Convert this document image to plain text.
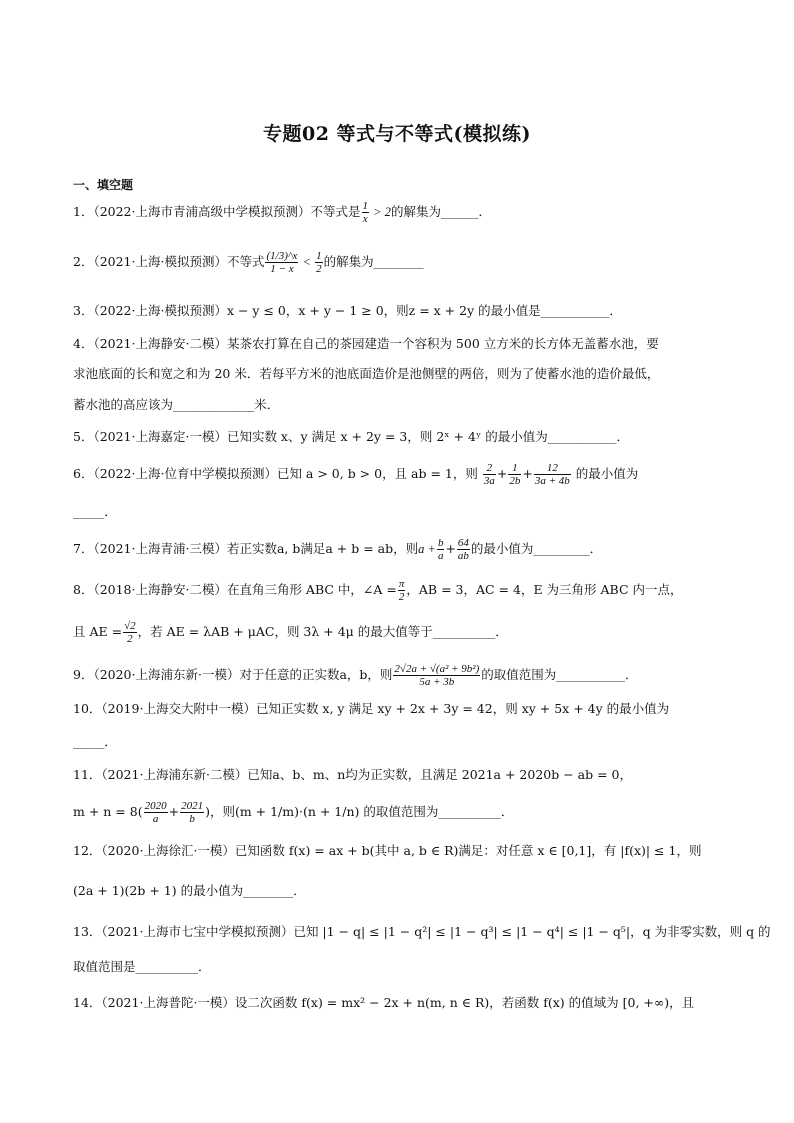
专题02 等式与不等式(模拟练)
一、填空题
1．（2022·上海市青浦高级中学模拟预测）不等式是 $\frac{1}{x} > 2$的解集为______．
2．（2021·上海·模拟预测）不等式 $\frac{(1/3)\^{}x}{1 - x} < \frac{1}{2}$ 的解集为________
3．（2022·上海·模拟预测）x − y ≤ 0，x + y − 1 ≥ 0，则z = x + 2y 的最小值是___________．
4．（2021·上海静安·二模）某茶农打算在自己的茶园建造一个容积为 500 立方米的长方体无盖蓄水池，要
求池底面的长和宽之和为 20 米．若每平方米的池底面造价是池侧壁的两倍，则为了使蓄水池的造价最低，
蓄水池的高应该为_____________米．
5．（2021·上海嘉定·一模）已知实数 x、y 满足 x + 2y = 3，则 2ˣ + 4ʸ 的最小值为___________．
6．（2022·上海·位育中学模拟预测）已知 a > 0, b > 0，且 ab = 1，则 $\frac{2}{3a} + \frac{1}{2b} + \frac{12}{3a + 4b}$ 的最小值为
_____．
7．（2021·上海青浦·三模）若正实数a, b满足a + b = ab，则$a + \frac{b}{a} + \frac{64}{ab}$ 的最小值为_________．
8．（2018·上海静安·二模）在直角三角形 ABC 中，∠A = $\frac{\pi}{2}$ ，AB = 3，AC = 4，E 为三角形 ABC 内一点，
且 AE = $\frac{√2}{2}$ ，若 AE = λAB + μAC，则 3λ + 4μ 的最大值等于__________．
9．（2020·上海浦东新·一模）对于任意的正实数a，b，则 $\frac{\text{2√2a + √(a² + 9b²)}}{5a + 3b}$ 的取值范围为___________．
10．（2019·上海交大附中一模）已知正实数 x, y 满足 xy + 2x + 3y = 42，则 xy + 5x + 4y 的最小值为
_____．
11．（2021·上海浦东新·二模）已知a、b、m、n均为正实数，且满足 2021a + 2020b − ab = 0，
$m + n = 8( \frac{2020}{a} + \frac{2021}{b}$ )，则(m + 1/m)·(n + 1/n) 的取值范围为__________．
12．（2020·上海徐汇·一模）已知函数 f(x) = ax + b(其中 a, b ∈ R)满足：对任意 x ∈ [0,1]，有 |f(x)| ≤ 1，则
(2a + 1)(2b + 1) 的最小值为________．
13．（2021·上海市七宝中学模拟预测）已知 |1 − q| ≤ |1 − q²| ≤ |1 − q³| ≤ |1 − q⁴| ≤ |1 − q⁵|，q 为非零实数，则 q 的
取值范围是__________．
14．（2021·上海普陀·一模）设二次函数 f(x) = mx² − 2x + n(m, n ∈ R)，若函数 f(x) 的值域为 [0, +∞)，且
